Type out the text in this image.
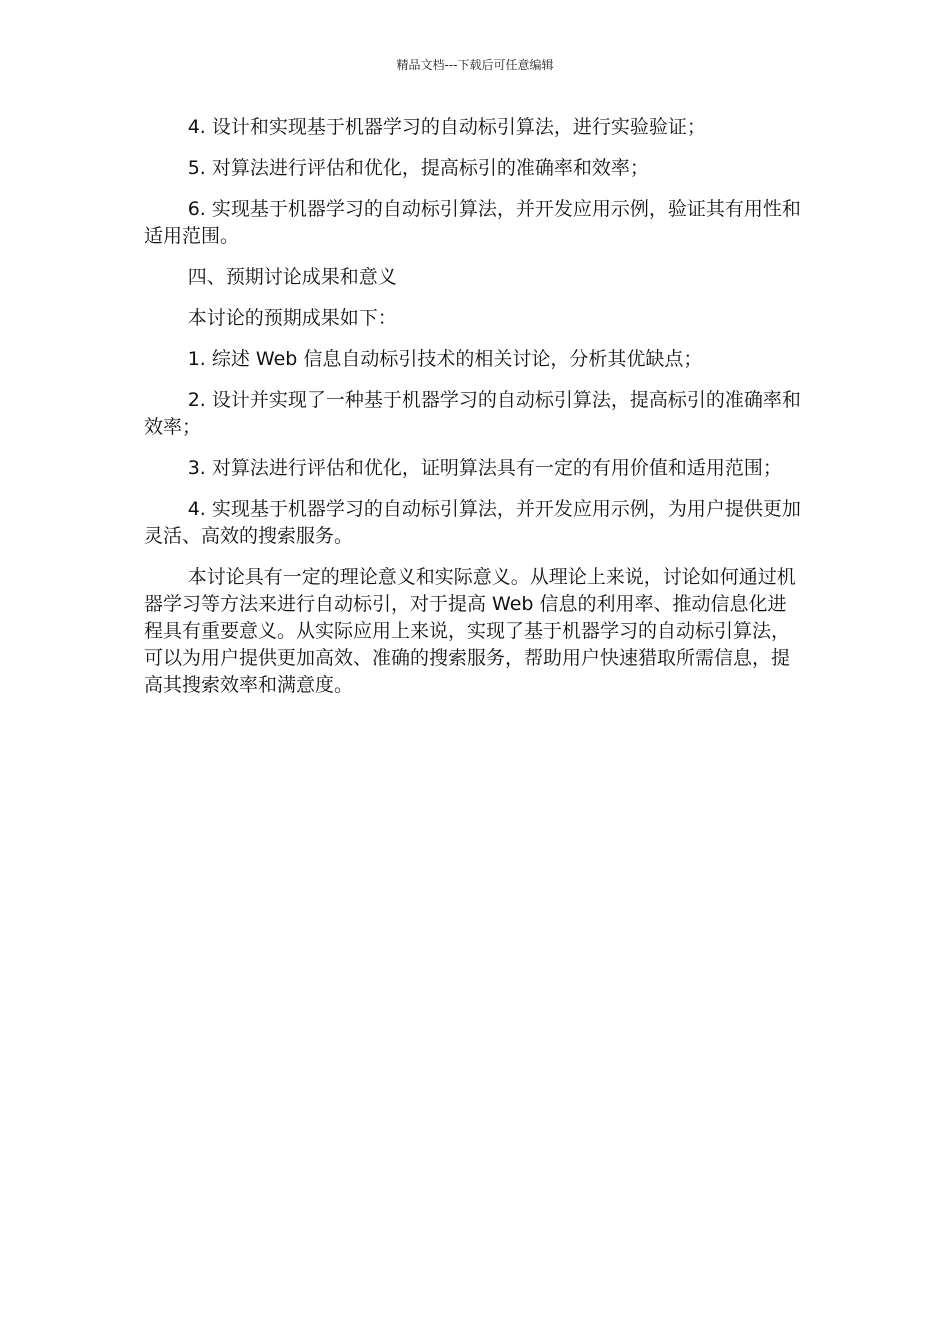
精品文档---下载后可任意编辑

4. 设计和实现基于机器学习的自动标引算法，进行实验验证；

5. 对算法进行评估和优化，提高标引的准确率和效率；

6. 实现基于机器学习的自动标引算法，并开发应用示例，验证其有用性和适用范围。

四、预期讨论成果和意义

本讨论的预期成果如下：

1. 综述 Web 信息自动标引技术的相关讨论，分析其优缺点；

2. 设计并实现了一种基于机器学习的自动标引算法，提高标引的准确率和效率；

3. 对算法进行评估和优化，证明算法具有一定的有用价值和适用范围；

4. 实现基于机器学习的自动标引算法，并开发应用示例，为用户提供更加灵活、高效的搜索服务。

本讨论具有一定的理论意义和实际意义。从理论上来说，讨论如何通过机器学习等方法来进行自动标引，对于提高 Web 信息的利用率、推动信息化进程具有重要意义。从实际应用上来说，实现了基于机器学习的自动标引算法，可以为用户提供更加高效、准确的搜索服务，帮助用户快速猎取所需信息，提高其搜索效率和满意度。
